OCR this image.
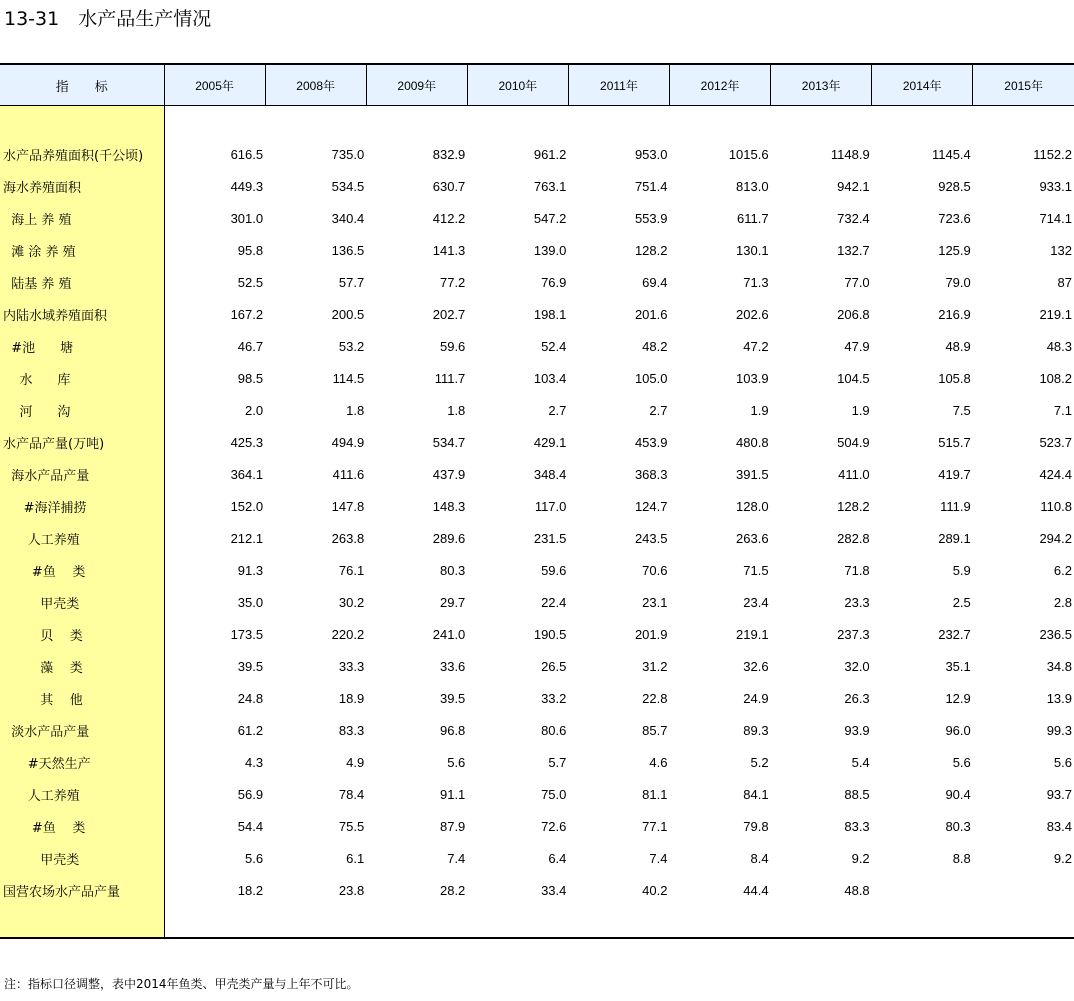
13-31　水产品生产情况
指　　标	2005年	2008年	2009年	2010年	2011年	2012年	2013年	2014年	2015年

水产品养殖面积(千公顷)	616.5	735.0	832.9	961.2	953.0	1015.6	1148.9	1145.4	1152.2
海水养殖面积	449.3	534.5	630.7	763.1	751.4	813.0	942.1	928.5	933.1
海上 养 殖	301.0	340.4	412.2	547.2	553.9	611.7	732.4	723.6	714.1
滩 涂 养 殖	95.8	136.5	141.3	139.0	128.2	130.1	132.7	125.9	132
陆基 养 殖	52.5	57.7	77.2	76.9	69.4	71.3	77.0	79.0	87
内陆水域养殖面积	167.2	200.5	202.7	198.1	201.6	202.6	206.8	216.9	219.1
#池      塘	46.7	53.2	59.6	52.4	48.2	47.2	47.9	48.9	48.3
水      库	98.5	114.5	111.7	103.4	105.0	103.9	104.5	105.8	108.2
河      沟	2.0	1.8	1.8	2.7	2.7	1.9	1.9	7.5	7.1
水产品产量(万吨)	425.3	494.9	534.7	429.1	453.9	480.8	504.9	515.7	523.7
海水产品产量	364.1	411.6	437.9	348.4	368.3	391.5	411.0	419.7	424.4
#海洋捕捞	152.0	147.8	148.3	117.0	124.7	128.0	128.2	111.9	110.8
人工养殖	212.1	263.8	289.6	231.5	243.5	263.6	282.8	289.1	294.2
#鱼    类	91.3	76.1	80.3	59.6	70.6	71.5	71.8	5.9	6.2
甲壳类	35.0	30.2	29.7	22.4	23.1	23.4	23.3	2.5	2.8
贝    类	173.5	220.2	241.0	190.5	201.9	219.1	237.3	232.7	236.5
藻    类	39.5	33.3	33.6	26.5	31.2	32.6	32.0	35.1	34.8
其    他	24.8	18.9	39.5	33.2	22.8	24.9	26.3	12.9	13.9
淡水产品产量	61.2	83.3	96.8	80.6	85.7	89.3	93.9	96.0	99.3
#天然生产	4.3	4.9	5.6	5.7	4.6	5.2	5.4	5.6	5.6
人工养殖	56.9	78.4	91.1	75.0	81.1	84.1	88.5	90.4	93.7
#鱼    类	54.4	75.5	87.9	72.6	77.1	79.8	83.3	80.3	83.4
甲壳类	5.6	6.1	7.4	6.4	7.4	8.4	9.2	8.8	9.2
国营农场水产品产量	18.2	23.8	28.2	33.4	40.2	44.4	48.8		

注：指标口径调整，表中2014年鱼类、甲壳类产量与上年不可比。
